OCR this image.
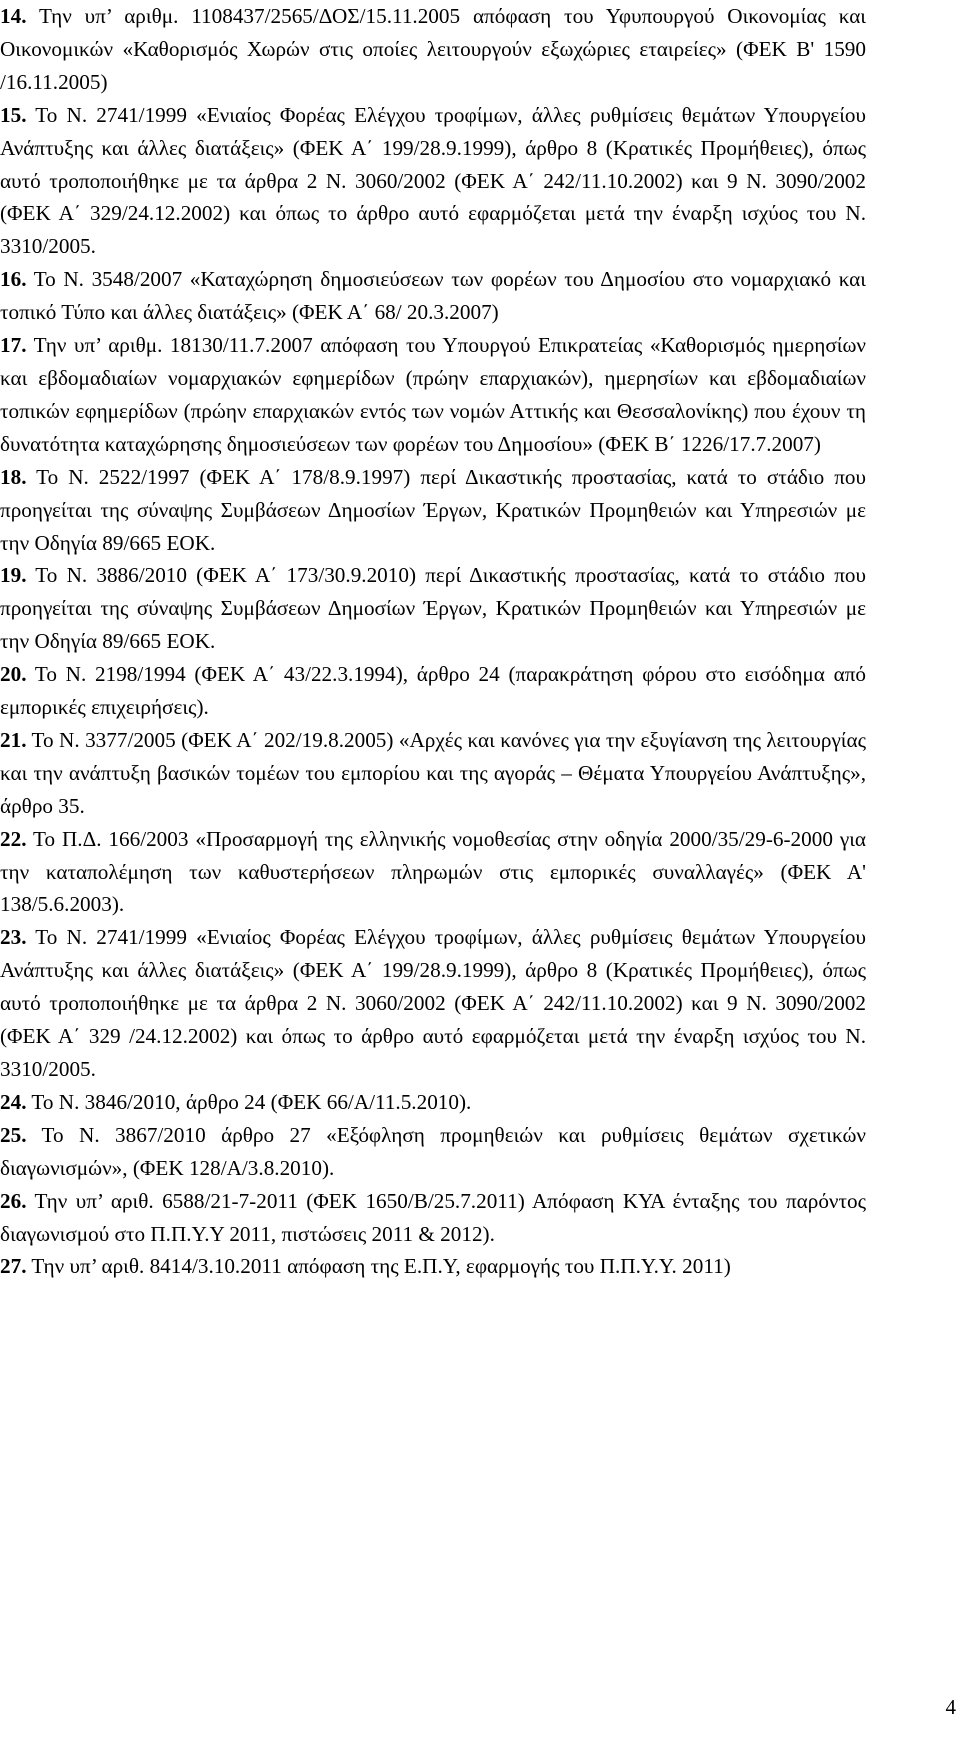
14. Την υπ’ αριθμ. 1108437/2565/ΔΟΣ/15.11.2005 απόφαση του Υφυπουργού Οικονομίας και Οικονομικών «Καθορισμός Χωρών στις οποίες λειτουργούν εξωχώριες εταιρείες» (ΦΕΚ Β' 1590 /16.11.2005)

15. Το Ν. 2741/1999 «Ενιαίος Φορέας Ελέγχου τροφίμων, άλλες ρυθμίσεις θεμάτων Υπουργείου Ανάπτυξης και άλλες διατάξεις» (ΦΕΚ Α΄ 199/28.9.1999), άρθρο 8 (Κρατικές Προμήθειες), όπως αυτό τροποποιήθηκε με τα άρθρα 2 Ν. 3060/2002 (ΦΕΚ Α΄ 242/11.10.2002) και 9 Ν. 3090/2002 (ΦΕΚ Α΄ 329/24.12.2002) και όπως το άρθρο αυτό εφαρμόζεται μετά την έναρξη ισχύος του Ν. 3310/2005.

16. Το Ν. 3548/2007 «Καταχώρηση δημοσιεύσεων των φορέων του Δημοσίου στο νομαρχιακό και τοπικό Τύπο και άλλες διατάξεις» (ΦΕΚ Α΄ 68/ 20.3.2007)

17. Την υπ’ αριθμ. 18130/11.7.2007 απόφαση του Υπουργού Επικρατείας «Καθορισμός ημερησίων και εβδομαδιαίων νομαρχιακών εφημερίδων (πρώην επαρχιακών), ημερησίων και εβδομαδιαίων τοπικών εφημερίδων (πρώην επαρχιακών εντός των νομών Αττικής και Θεσσαλονίκης) που έχουν τη δυνατότητα καταχώρησης δημοσιεύσεων των φορέων του Δημοσίου» (ΦΕΚ Β΄ 1226/17.7.2007)

18. Το Ν. 2522/1997 (ΦΕΚ Α΄ 178/8.9.1997) περί Δικαστικής προστασίας, κατά το στάδιο που προηγείται της σύναψης Συμβάσεων Δημοσίων Έργων, Κρατικών Προμηθειών και Υπηρεσιών με την Οδηγία 89/665 ΕΟΚ.

19. Το Ν. 3886/2010 (ΦΕΚ Α΄ 173/30.9.2010) περί Δικαστικής προστασίας, κατά το στάδιο που προηγείται της σύναψης Συμβάσεων Δημοσίων Έργων, Κρατικών Προμηθειών και Υπηρεσιών με την Οδηγία 89/665 ΕΟΚ.

20. Το Ν. 2198/1994 (ΦΕΚ Α΄ 43/22.3.1994), άρθρο 24 (παρακράτηση φόρου στο εισόδημα από εμπορικές επιχειρήσεις).

21. Το Ν. 3377/2005 (ΦΕΚ Α΄ 202/19.8.2005) «Αρχές και κανόνες για την εξυγίανση της λειτουργίας και την ανάπτυξη βασικών τομέων του εμπορίου και της αγοράς – Θέματα Υπουργείου Ανάπτυξης», άρθρο 35.

22. Το Π.Δ. 166/2003 «Προσαρμογή της ελληνικής νομοθεσίας στην οδηγία 2000/35/29-6-2000 για την καταπολέμηση των καθυστερήσεων πληρωμών στις εμπορικές συναλλαγές» (ΦΕΚ Α' 138/5.6.2003).

23. Το Ν. 2741/1999 «Ενιαίος Φορέας Ελέγχου τροφίμων, άλλες ρυθμίσεις θεμάτων Υπουργείου Ανάπτυξης και άλλες διατάξεις» (ΦΕΚ Α΄ 199/28.9.1999), άρθρο 8 (Κρατικές Προμήθειες), όπως αυτό τροποποιήθηκε με τα άρθρα 2 Ν. 3060/2002 (ΦΕΚ Α΄ 242/11.10.2002) και 9 Ν. 3090/2002 (ΦΕΚ Α΄ 329 /24.12.2002) και όπως το άρθρο αυτό εφαρμόζεται μετά την έναρξη ισχύος του Ν. 3310/2005.

24. Το Ν. 3846/2010, άρθρο 24 (ΦΕΚ 66/Α/11.5.2010).

25. Το Ν. 3867/2010 άρθρο 27 «Εξόφληση προμηθειών και ρυθμίσεις θεμάτων σχετικών διαγωνισμών», (ΦΕΚ 128/Α/3.8.2010).

26. Την υπ’ αριθ. 6588/21-7-2011 (ΦΕΚ 1650/Β/25.7.2011) Απόφαση ΚΥΑ ένταξης του παρόντος διαγωνισμού στο Π.Π.Υ.Υ 2011, πιστώσεις 2011 & 2012).

27. Την υπ’ αριθ. 8414/3.10.2011 απόφαση της Ε.Π.Υ, εφαρμογής του Π.Π.Υ.Υ. 2011)

4
